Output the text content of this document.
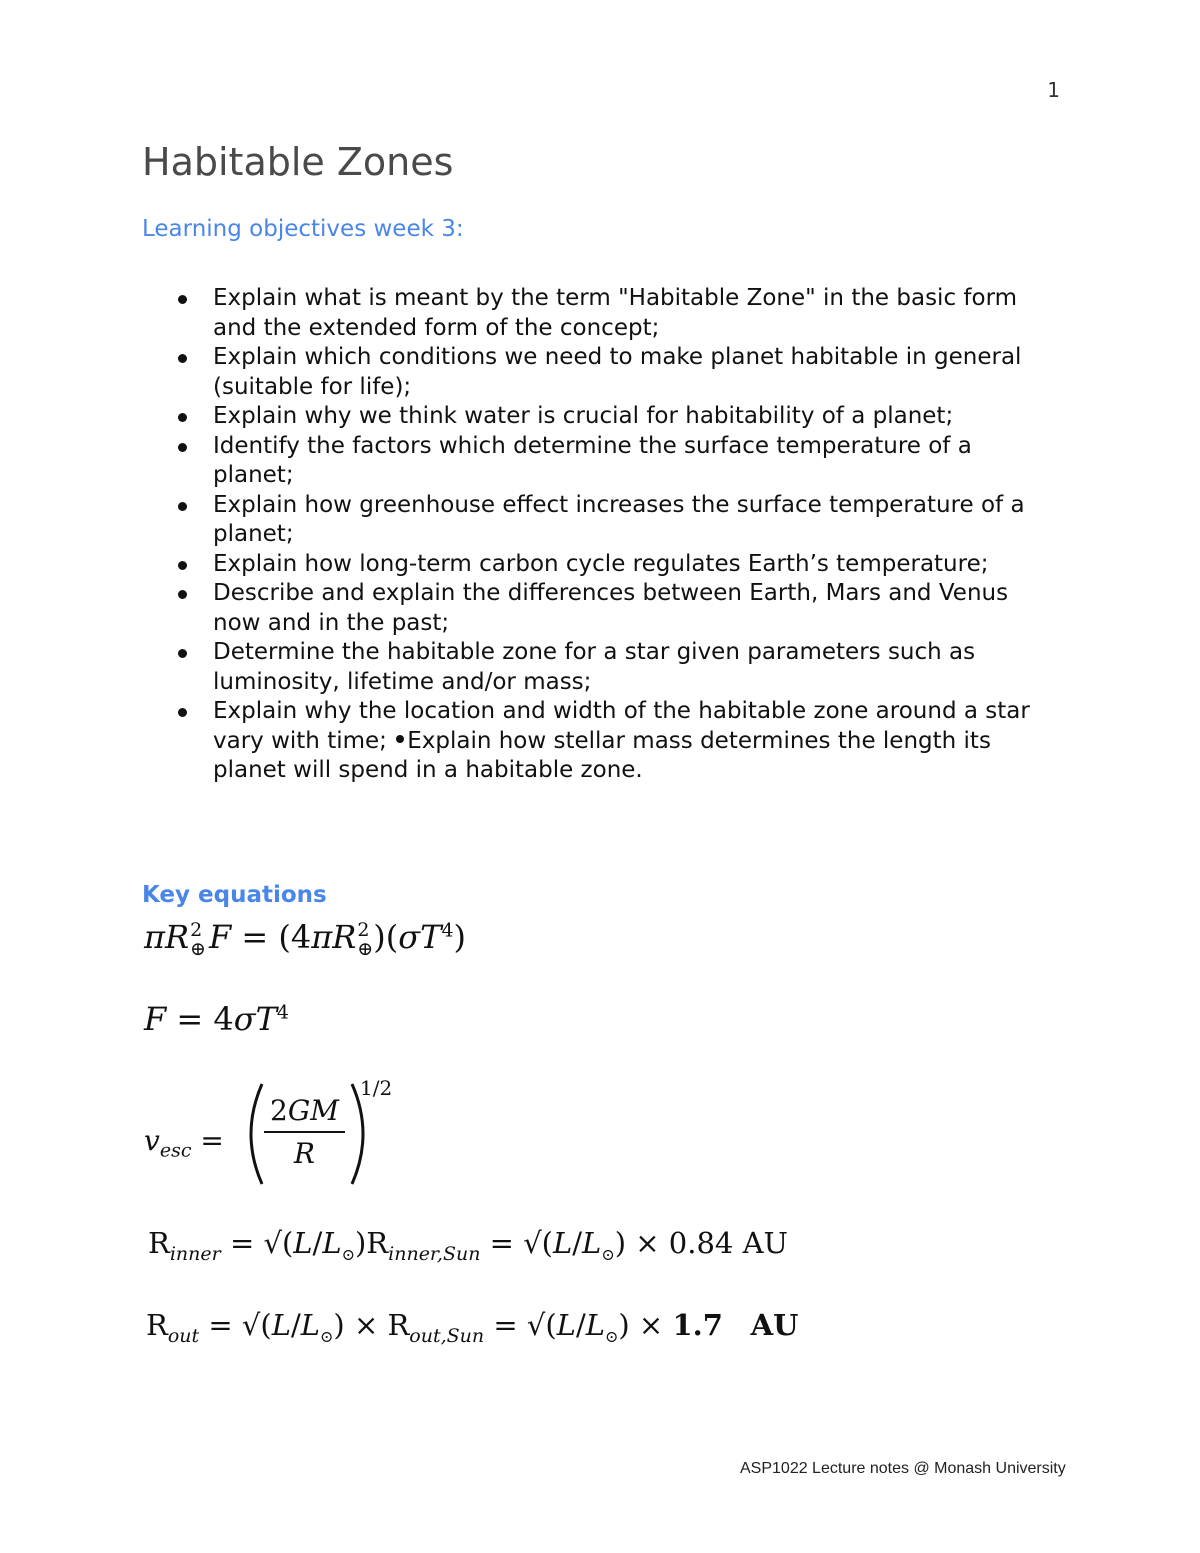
1
Habitable Zones
Learning objectives week 3:
Explain what is meant by the term "Habitable Zone" in the basic form and the extended form of the concept;
Explain which conditions we need to make planet habitable in general (suitable for life);
Explain why we think water is crucial for habitability of a planet;
Identify the factors which determine the surface temperature of a planet;
Explain how greenhouse effect increases the surface temperature of a planet;
Explain how long-term carbon cycle regulates Earth’s temperature;
Describe and explain the differences between Earth, Mars and Venus now and in the past;
Determine the habitable zone for a star given parameters such as luminosity, lifetime and/or mass;
Explain why the location and width of the habitable zone around a star vary with time; Explain how stellar mass determines the length its planet will spend in a habitable zone.
Key equations
πR 2
⊕ F = (4πR 2
⊕ )$(\sigma T^4)$
$F = 4\sigma T^4$
$v_{esc} = \frac{2GM}{R}$
1/2
$R_{inner} = √(L/L_⊙)R_{inner,Sun} = √(L/L_⊙) \times 0.84$ AU
$R_{out} = √(L/L_⊙) \times R_{out,Sun} = √(L/L_⊙) \times 1.7$ AU
ASP1022 Lecture notes @ Monash University
